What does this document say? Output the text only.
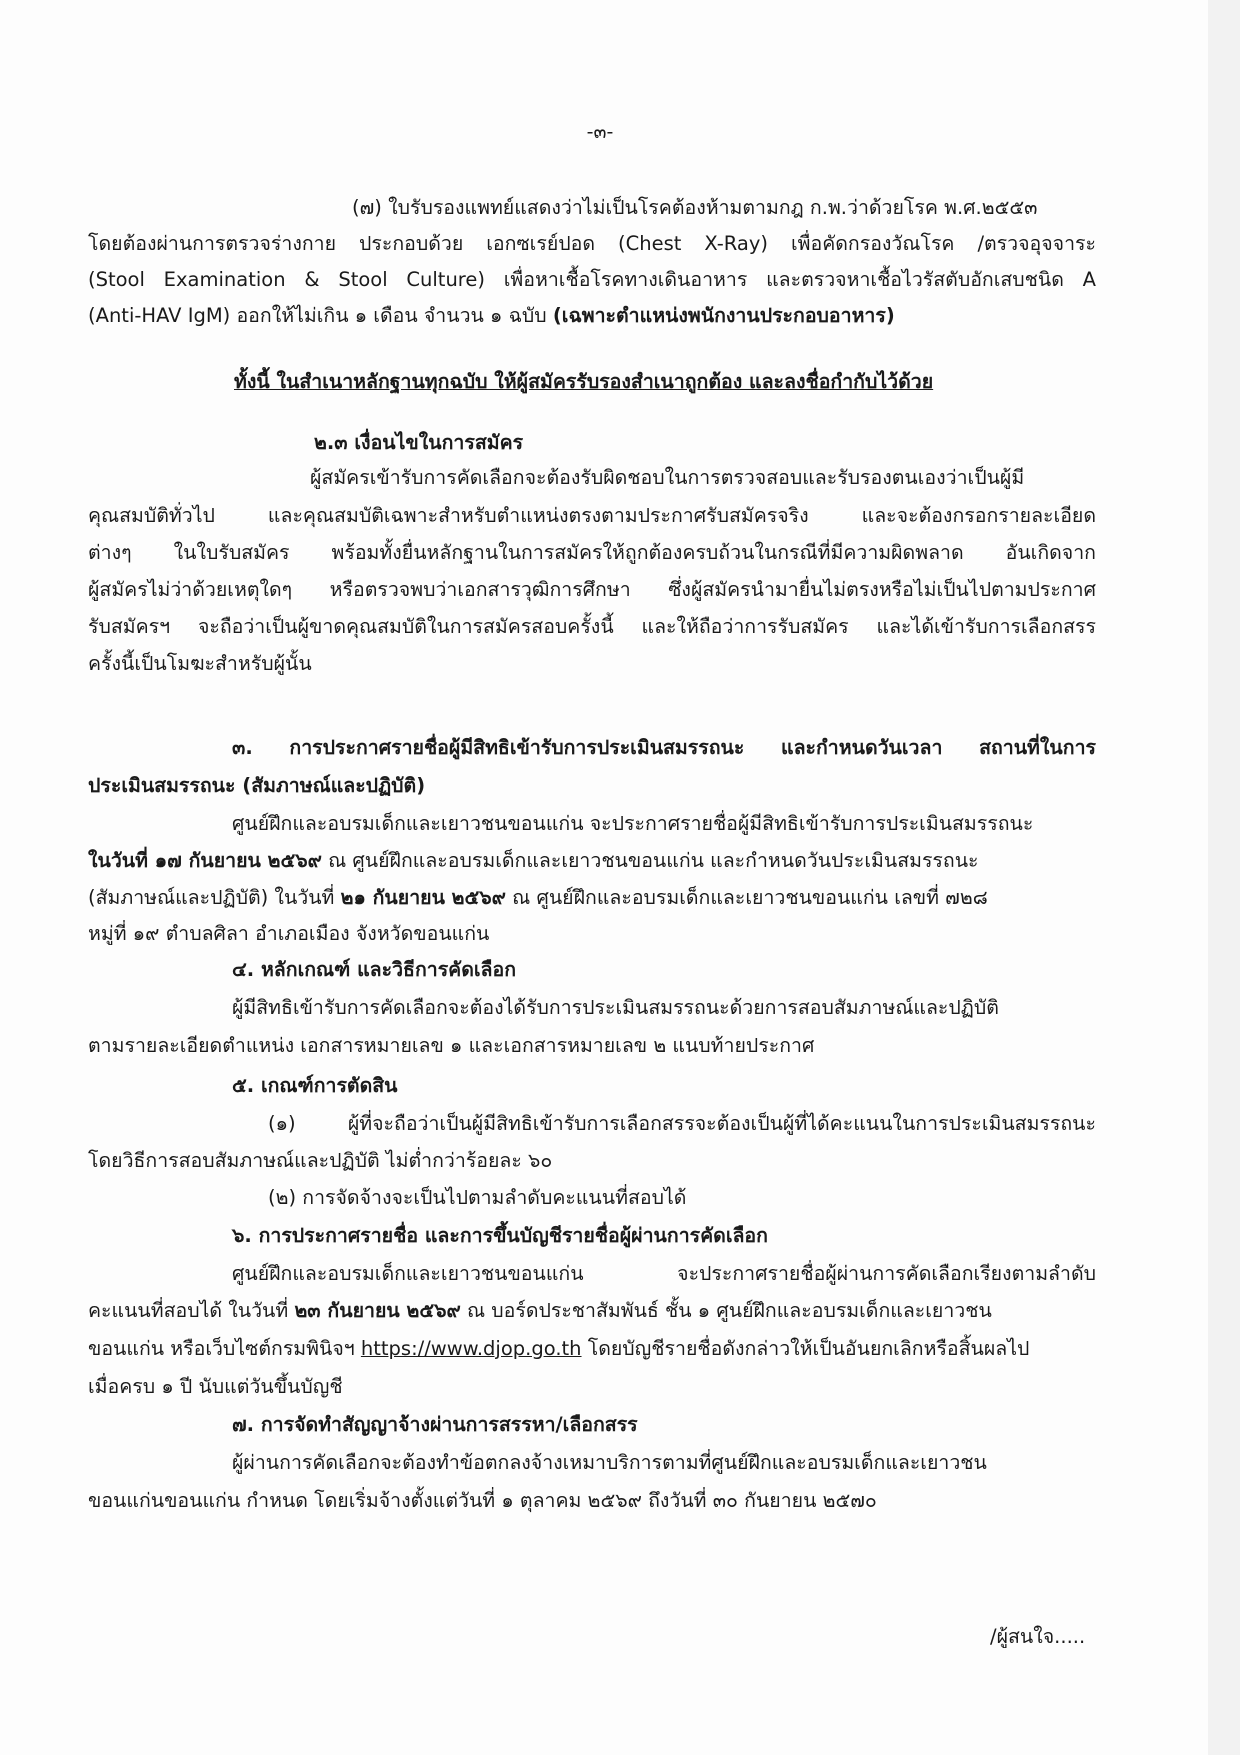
-๓-
(๗) ใบรับรองแพทย์แสดงว่าไม่เป็นโรคต้องห้ามตามกฎ ก.พ.ว่าด้วยโรค พ.ศ.๒๕๕๓
โดยต้องผ่านการตรวจร่างกาย ประกอบด้วย เอกซเรย์ปอด (Chest X-Ray) เพื่อคัดกรองวัณโรค /ตรวจอุจจาระ
(Stool Examination & Stool Culture) เพื่อหาเชื้อโรคทางเดินอาหาร และตรวจหาเชื้อไวรัสตับอักเสบชนิด A
(Anti-HAV IgM) ออกให้ไม่เกิน ๑ เดือน จำนวน ๑ ฉบับ (เฉพาะตำแหน่งพนักงานประกอบอาหาร)
ทั้งนี้ ในสำเนาหลักฐานทุกฉบับ ให้ผู้สมัครรับรองสำเนาถูกต้อง และลงชื่อกำกับไว้ด้วย
๒.๓ เงื่อนไขในการสมัคร
ผู้สมัครเข้ารับการคัดเลือกจะต้องรับผิดชอบในการตรวจสอบและรับรองตนเองว่าเป็นผู้มี
คุณสมบัติทั่วไป และคุณสมบัติเฉพาะสำหรับตำแหน่งตรงตามประกาศรับสมัครจริง และจะต้องกรอกรายละเอียด
ต่างๆ ในใบรับสมัคร พร้อมทั้งยื่นหลักฐานในการสมัครให้ถูกต้องครบถ้วนในกรณีที่มีความผิดพลาด อันเกิดจาก
ผู้สมัครไม่ว่าด้วยเหตุใดๆ หรือตรวจพบว่าเอกสารวุฒิการศึกษา ซึ่งผู้สมัครนำมายื่นไม่ตรงหรือไม่เป็นไปตามประกาศ
รับสมัครฯ จะถือว่าเป็นผู้ขาดคุณสมบัติในการสมัครสอบครั้งนี้ และให้ถือว่าการรับสมัคร และได้เข้ารับการเลือกสรร
ครั้งนี้เป็นโมฆะสำหรับผู้นั้น
๓. การประกาศรายชื่อผู้มีสิทธิเข้ารับการประเมินสมรรถนะ และกำหนดวันเวลา สถานที่ในการ
ประเมินสมรรถนะ (สัมภาษณ์และปฏิบัติ)
ศูนย์ฝึกและอบรมเด็กและเยาวชนขอนแก่น จะประกาศรายชื่อผู้มีสิทธิเข้ารับการประเมินสมรรถนะ
ในวันที่ ๑๗ กันยายน ๒๕๖๙ ณ ศูนย์ฝึกและอบรมเด็กและเยาวชนขอนแก่น และกำหนดวันประเมินสมรรถนะ
(สัมภาษณ์และปฏิบัติ) ในวันที่ ๒๑ กันยายน ๒๕๖๙ ณ ศูนย์ฝึกและอบรมเด็กและเยาวชนขอนแก่น เลขที่ ๗๒๘
หมู่ที่ ๑๙ ตำบลศิลา อำเภอเมือง จังหวัดขอนแก่น
๔. หลักเกณฑ์ และวิธีการคัดเลือก
ผู้มีสิทธิเข้ารับการคัดเลือกจะต้องได้รับการประเมินสมรรถนะด้วยการสอบสัมภาษณ์และปฏิบัติ
ตามรายละเอียดตำแหน่ง เอกสารหมายเลข ๑ และเอกสารหมายเลข ๒ แนบท้ายประกาศ
๕. เกณฑ์การตัดสิน
(๑) ผู้ที่จะถือว่าเป็นผู้มีสิทธิเข้ารับการเลือกสรรจะต้องเป็นผู้ที่ได้คะแนนในการประเมินสมรรถนะ
โดยวิธีการสอบสัมภาษณ์และปฏิบัติ ไม่ต่ำกว่าร้อยละ ๖๐
(๒) การจัดจ้างจะเป็นไปตามลำดับคะแนนที่สอบได้
๖. การประกาศรายชื่อ และการขึ้นบัญชีรายชื่อผู้ผ่านการคัดเลือก
ศูนย์ฝึกและอบรมเด็กและเยาวชนขอนแก่น จะประกาศรายชื่อผู้ผ่านการคัดเลือกเรียงตามลำดับ
คะแนนที่สอบได้ ในวันที่ ๒๓ กันยายน ๒๕๖๙ ณ บอร์ดประชาสัมพันธ์ ชั้น ๑ ศูนย์ฝึกและอบรมเด็กและเยาวชน
ขอนแก่น หรือเว็บไซต์กรมพินิจฯ https://www.djop.go.th โดยบัญชีรายชื่อดังกล่าวให้เป็นอันยกเลิกหรือสิ้นผลไป
เมื่อครบ ๑ ปี นับแต่วันขึ้นบัญชี
๗. การจัดทำสัญญาจ้างผ่านการสรรหา/เลือกสรร
ผู้ผ่านการคัดเลือกจะต้องทำข้อตกลงจ้างเหมาบริการตามที่ศูนย์ฝึกและอบรมเด็กและเยาวชน
ขอนแก่นขอนแก่น กำหนด โดยเริ่มจ้างตั้งแต่วันที่ ๑ ตุลาคม ๒๕๖๙ ถึงวันที่ ๓๐ กันยายน ๒๕๗๐
/ผู้สนใจ.....
